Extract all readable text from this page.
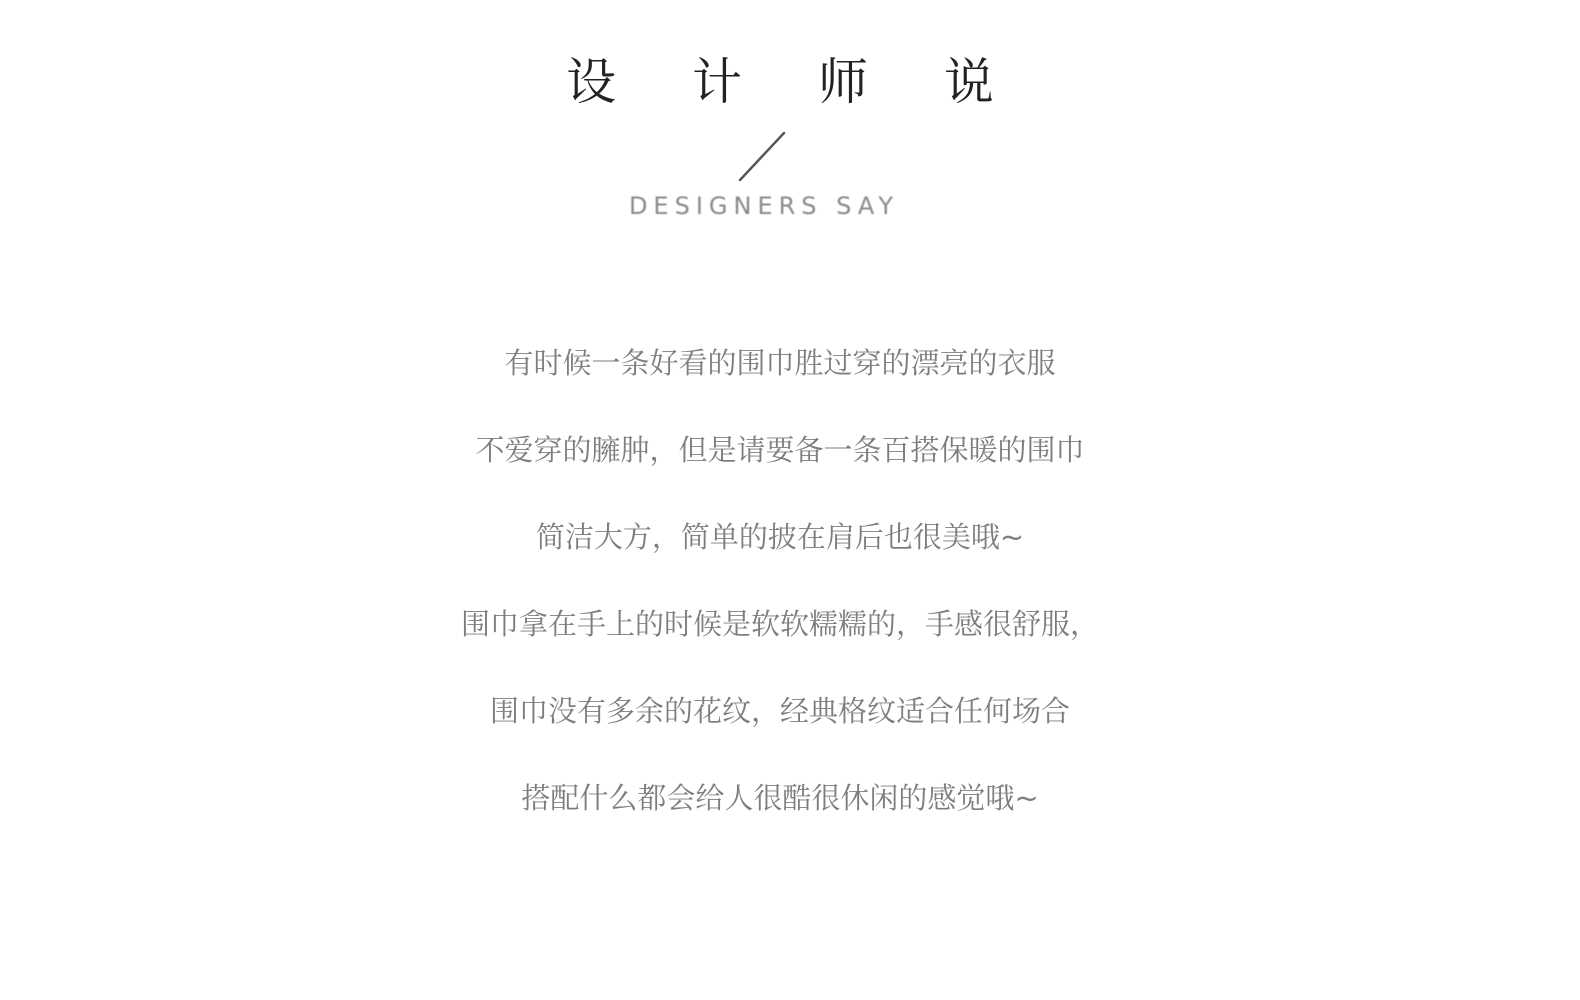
设 计 师 说
DESIGNERS SAY
有时候一条好看的围巾胜过穿的漂亮的衣服
不爱穿的臃肿，但是请要备一条百搭保暖的围巾
简洁大方，简单的披在肩后也很美哦~
围巾拿在手上的时候是软软糯糯的，手感很舒服，
围巾没有多余的花纹，经典格纹适合任何场合
搭配什么都会给人很酷很休闲的感觉哦~
